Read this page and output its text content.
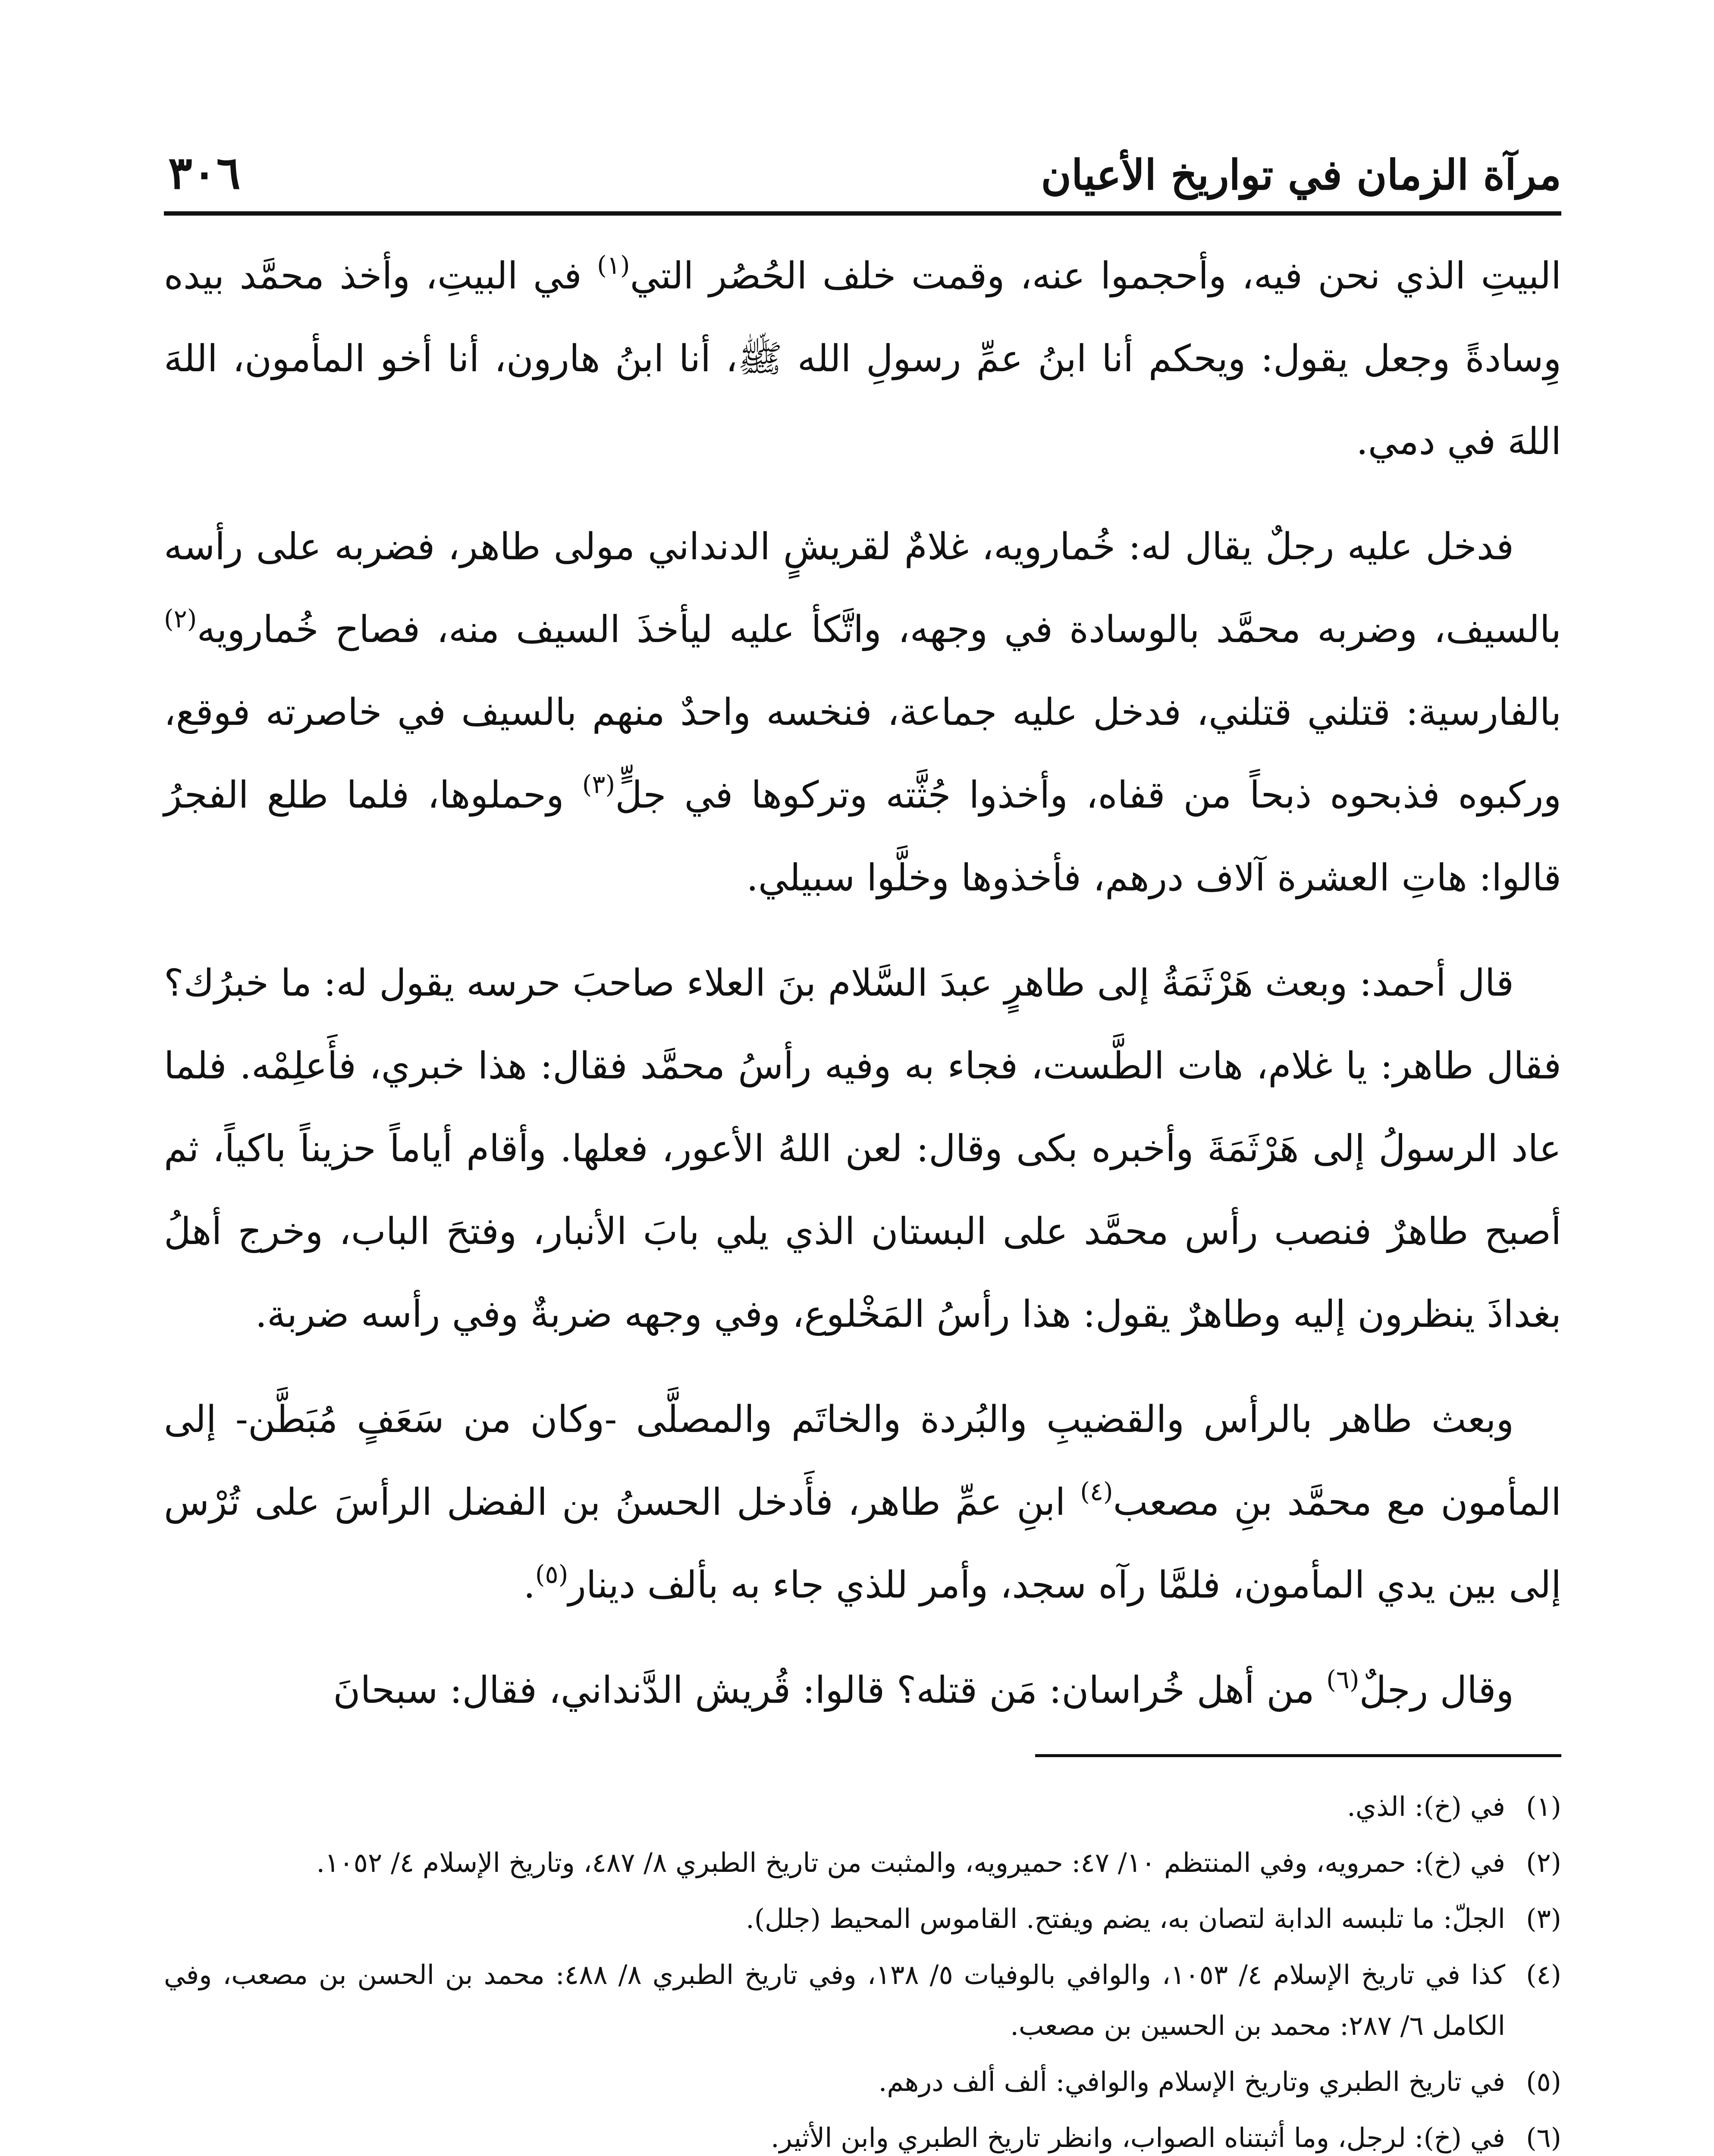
مرآة الزمان في تواريخ الأعيان
٣٠٦

البيتِ الذي نحن فيه، وأحجموا عنه، وقمت خلف الحُصُر التي$^{(١)}$ في البيتِ، وأخذ محمَّد بيده وِسادةً وجعل يقول: ويحكم أنا ابنُ عمِّ رسولِ الله ﷺ، أنا ابنُ هارون، أنا أخو المأمون، اللهَ اللهَ في دمي.

فدخل عليه رجلٌ يقال له: خُمارويه، غلامٌ لقريشٍ الدنداني مولى طاهر، فضربه على رأسه بالسيف، وضربه محمَّد بالوسادة في وجهه، واتَّكأ عليه ليأخذَ السيف منه، فصاح خُمارويه$^{(٢)}$ بالفارسية: قتلني قتلني، فدخل عليه جماعة، فنخسه واحدٌ منهم بالسيف في خاصرته فوقع، وركبوه فذبحوه ذبحاً من قفاه، وأخذوا جُثَّته وتركوها في جلٍّ$^{(٣)}$ وحملوها، فلما طلع الفجرُ قالوا: هاتِ العشرة آلاف درهم، فأخذوها وخلَّوا سبيلي.

قال أحمد: وبعث هَرْثَمَةُ إلى طاهرٍ عبدَ السَّلام بنَ العلاء صاحبَ حرسه يقول له: ما خبرُك؟ فقال طاهر: يا غلام، هات الطَّست، فجاء به وفيه رأسُ محمَّد فقال: هذا خبري، فأَعلِمْه. فلما عاد الرسولُ إلى هَرْثَمَةَ وأخبره بكى وقال: لعن اللهُ الأعور، فعلها. وأقام أياماً حزيناً باكياً، ثم أصبح طاهرٌ فنصب رأس محمَّد على البستان الذي يلي بابَ الأنبار، وفتحَ الباب، وخرج أهلُ بغداذَ ينظرون إليه وطاهرٌ يقول: هذا رأسُ المَخْلوع، وفي وجهه ضربةٌ وفي رأسه ضربة.

وبعث طاهر بالرأس والقضيبِ والبُردة والخاتَم والمصلَّى -وكان من سَعَفٍ مُبَطَّن- إلى المأمون مع محمَّد بنِ مصعب$^{(٤)}$ ابنِ عمِّ طاهر، فأَدخل الحسنُ بن الفضل الرأسَ على تُرْس إلى بين يدي المأمون، فلمَّا رآه سجد، وأمر للذي جاء به بألف دينار$^{(٥)}$.

وقال رجلٌ$^{(٦)}$ من أهل خُراسان: مَن قتله؟ قالوا: قُريش الدَّنداني، فقال: سبحانَ

(١)في (خ): الذي.

(٢)في (خ): حمرويه، وفي المنتظم ١٠/ ٤٧: حميرويه، والمثبت من تاريخ الطبري ٨/ ٤٨٧، وتاريخ الإسلام ٤/ ١٠٥٢.

(٣)الجلّ: ما تلبسه الدابة لتصان به، يضم ويفتح. القاموس المحيط (جلل).

(٤)كذا في تاريخ الإسلام ٤/ ١٠٥٣، والوافي بالوفيات ٥/ ١٣٨، وفي تاريخ الطبري ٨/ ٤٨٨: محمد بن الحسن بن مصعب، وفي الكامل ٦/ ٢٨٧: محمد بن الحسين بن مصعب.

(٥)في تاريخ الطبري وتاريخ الإسلام والوافي: ألف ألف درهم.

(٦)في (خ): لرجل، وما أثبتناه الصواب، وانظر تاريخ الطبري وابن الأثير.
